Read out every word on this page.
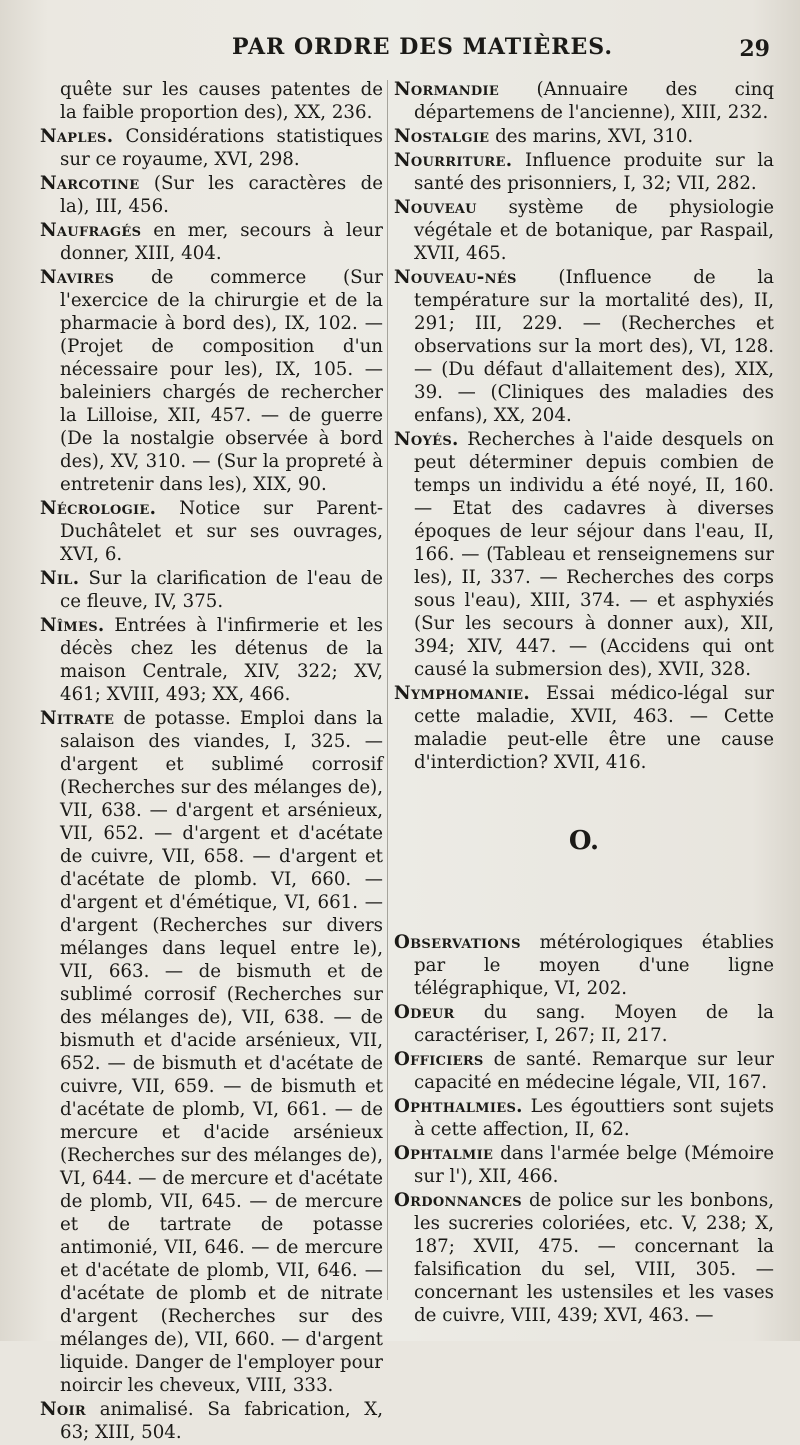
PAR ORDRE DES MATIÈRES.	29

quête sur les causes patentes de la faible proportion des), XX, 236.

Naples. Considérations statistiques sur ce royaume, XVI, 298.

Narcotine (Sur les caractères de la), III, 456.

Naufragés en mer, secours à leur donner, XIII, 404.

Navires de commerce (Sur l'exercice de la chirurgie et de la pharmacie à bord des), IX, 102. — (Projet de composition d'un nécessaire pour les), IX, 105. — baleiniers chargés de rechercher la Lilloise, XII, 457. — de guerre (De la nostalgie observée à bord des), XV, 310. — (Sur la propreté à entretenir dans les), XIX, 90.

Nécrologie. Notice sur Parent-Duchâtelet et sur ses ouvrages, XVI, 6.

Nil. Sur la clarification de l'eau de ce fleuve, IV, 375.

Nîmes. Entrées à l'infirmerie et les décès chez les détenus de la maison Centrale, XIV, 322; XV, 461; XVIII, 493; XX, 466.

Nitrate de potasse. Emploi dans la salaison des viandes, I, 325. — d'argent et sublimé corrosif (Recherches sur des mélanges de), VII, 638. — d'argent et arsénieux, VII, 652. — d'argent et d'acétate de cuivre, VII, 658. — d'argent et d'acétate de plomb. VI, 660. — d'argent et d'émétique, VI, 661. — d'argent (Recherches sur divers mélanges dans lequel entre le), VII, 663. — de bismuth et de sublimé corrosif (Recherches sur des mélanges de), VII, 638. — de bismuth et d'acide arsénieux, VII, 652. — de bismuth et d'acétate de cuivre, VII, 659. — de bismuth et d'acétate de plomb, VI, 661. — de mercure et d'acide arsénieux (Recherches sur des mélanges de), VI, 644. — de mercure et d'acétate de plomb, VII, 645. — de mercure et de tartrate de potasse antimonié, VII, 646. — de mercure et d'acétate de plomb, VII, 646. — d'acétate de plomb et de nitrate d'argent (Recherches sur des mélanges de), VII, 660. — d'argent liquide. Danger de l'employer pour noircir les cheveux, VIII, 333.

Noir animalisé. Sa fabrication, X, 63; XIII, 504.

Normandie (Annuaire des cinq départemens de l'ancienne), XIII, 232.

Nostalgie des marins, XVI, 310.

Nourriture. Influence produite sur la santé des prisonniers, I, 32; VII, 282.

Nouveau système de physiologie végétale et de botanique, par Raspail, XVII, 465.

Nouveau-nés (Influence de la température sur la mortalité des), II, 291; III, 229. — (Recherches et observations sur la mort des), VI, 128. — (Du défaut d'allaitement des), XIX, 39. — (Cliniques des maladies des enfans), XX, 204.

Noyés. Recherches à l'aide desquels on peut déterminer depuis combien de temps un individu a été noyé, II, 160. — Etat des cadavres à diverses époques de leur séjour dans l'eau, II, 166. — (Tableau et renseignemens sur les), II, 337. — Recherches des corps sous l'eau), XIII, 374. — et asphyxiés (Sur les secours à donner aux), XII, 394; XIV, 447. — (Accidens qui ont causé la submersion des), XVII, 328.

Nymphomanie. Essai médico-légal sur cette maladie, XVII, 463. — Cette maladie peut-elle être une cause d'interdiction? XVII, 416.

O.

Observations métérologiques établies par le moyen d'une ligne télégraphique, VI, 202.

Odeur du sang. Moyen de la caractériser, I, 267; II, 217.

Officiers de santé. Remarque sur leur capacité en médecine légale, VII, 167.

Ophthalmies. Les égouttiers sont sujets à cette affection, II, 62.

Ophtalmie dans l'armée belge (Mémoire sur l'), XII, 466.

Ordonnances de police sur les bonbons, les sucreries coloriées, etc. V, 238; X, 187; XVII, 475. — concernant la falsification du sel, VIII, 305. — concernant les ustensiles et les vases de cuivre, VIII, 439; XVI, 463. —
